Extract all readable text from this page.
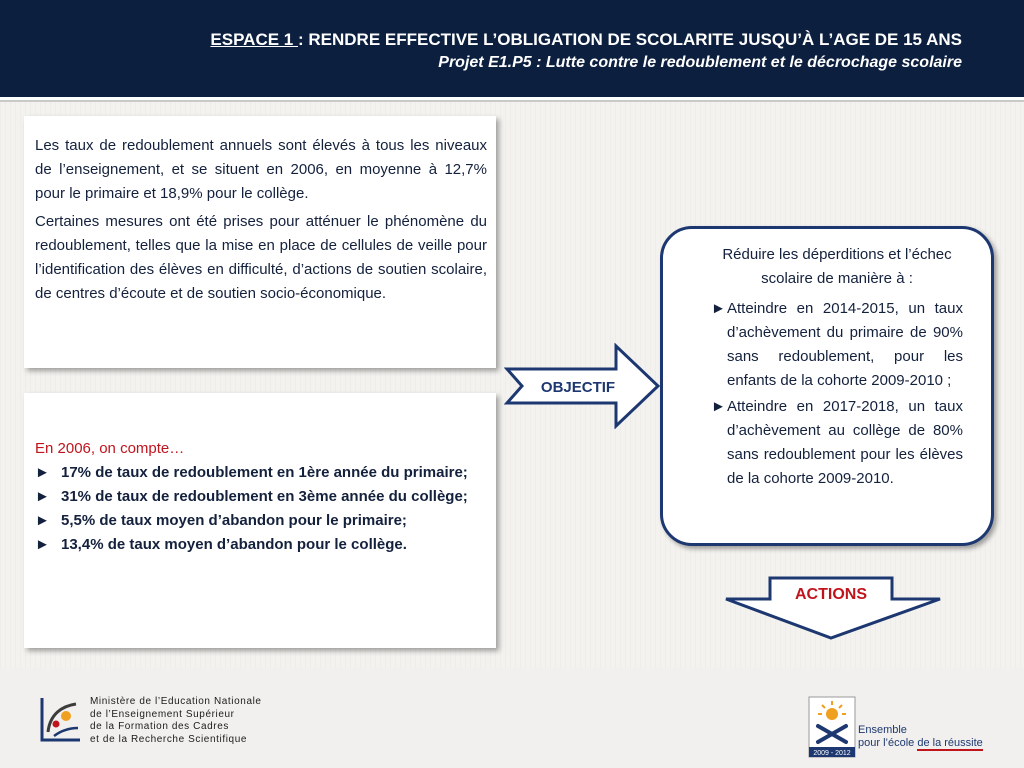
ESPACE 1 : RENDRE EFFECTIVE L’OBLIGATION DE SCOLARITE JUSQU’À L’AGE DE 15 ANS
Projet E1.P5 : Lutte contre le redoublement et le décrochage scolaire

Les taux de redoublement annuels sont élevés à tous les niveaux de l’enseignement, et se situent en 2006, en moyenne à 12,7% pour le primaire et 18,9% pour le collège.

Certaines mesures ont été prises pour atténuer le phénomène du redoublement, telles que la mise en place de cellules de veille pour l’identification des élèves en difficulté, d’actions de soutien scolaire, de centres d’écoute et de soutien socio-économique.

En 2006, on compte…
► 17% de taux de redoublement en 1ère année du primaire;
► 31% de taux de redoublement en 3ème année du collège;
► 5,5% de taux moyen d’abandon pour le primaire;
► 13,4% de taux moyen d’abandon pour le collège.
OBJECTIF
Réduire les déperditions et l’échec scolaire de manière à :
► Atteindre en 2014-2015, un taux d’achèvement du primaire de 90% sans redoublement, pour les enfants de la cohorte 2009-2010 ;
► Atteindre en 2017-2018, un taux d’achèvement au collège de 80% sans redoublement pour les élèves de la cohorte 2009-2010.
ACTIONS
Ministère de l’Education Nationale
de l’Enseignement Supérieur
de la Formation des Cadres
et de la Recherche Scientifique
2009 - 2012
Ensemble
pour l’école de la réussite
